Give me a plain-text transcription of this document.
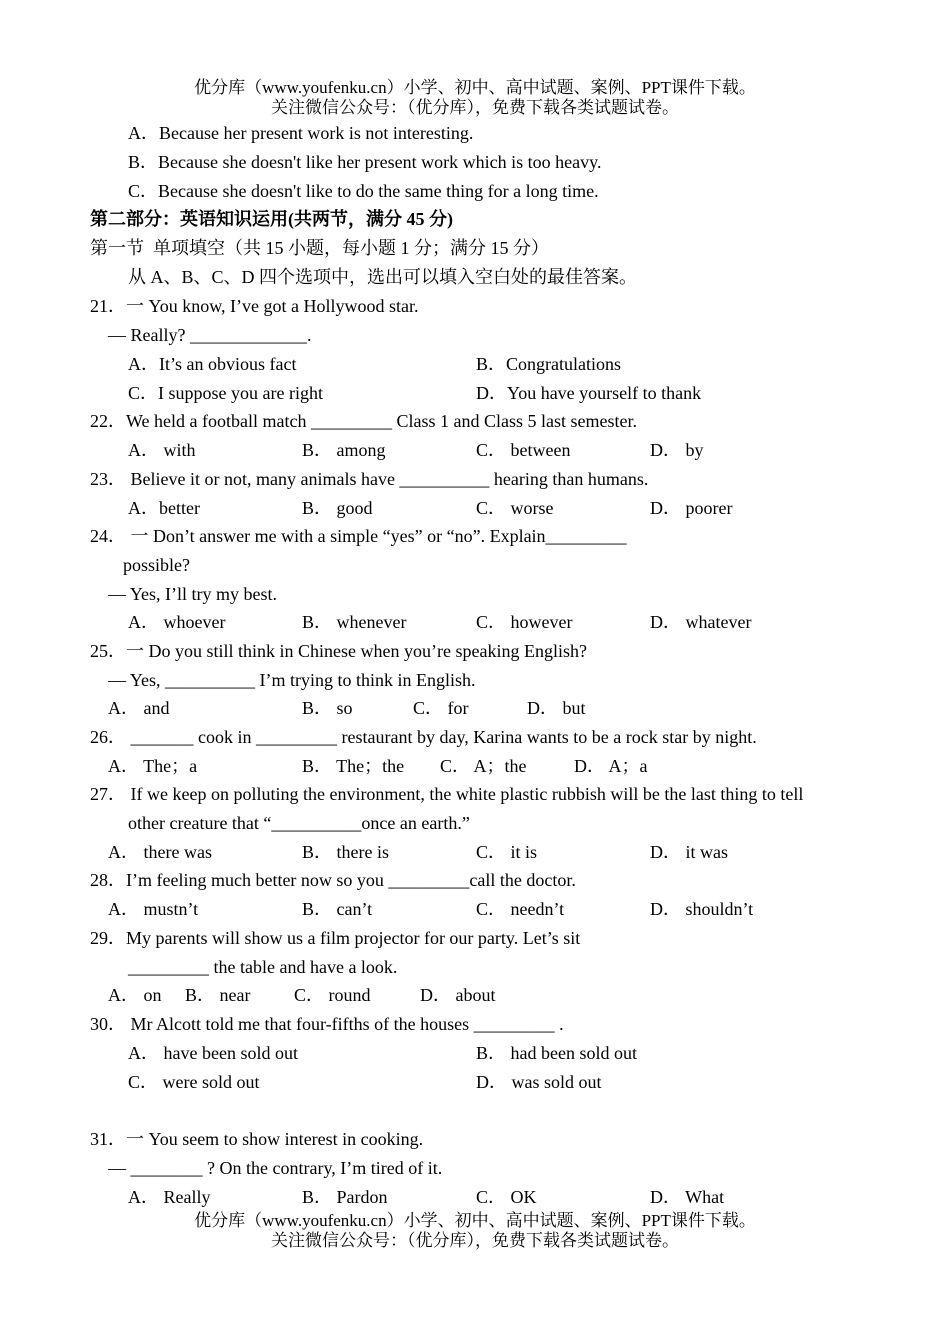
优分库（www.youfenku.cn）小学、初中、高中试题、案例、PPT课件下载。
关注微信公众号：（优分库），免费下载各类试题试卷。
A．Because her present work is not interesting.
B．Because she doesn't like her present work which is too heavy.
C．Because she doesn't like to do the same thing for a long time.
第二部分：英语知识运用(共两节，满分 45 分)
第一节  单项填空（共 15 小题，每小题 1 分；满分 15 分）
从 A、B、C、D 四个选项中，选出可以填入空白处的最佳答案。
21．一 You know, I’ve got a Hollywood star.
— Really? _____________.
A．It’s an obvious fact	B．Congratulations
C．I suppose you are right	D．You have yourself to thank
22．We held a football match _________ Class 1 and Class 5 last semester.
A． with	B． among	C． between	D． by
23． Believe it or not, many animals have __________ hearing than humans.
A．better	B． good	C． worse	D． poorer
24． 一 Don’t answer me with a simple “yes” or “no”. Explain_________
possible?
— Yes, I’ll try my best.
A． whoever	B． whenever	C． however	D． whatever
25．一 Do you still think in Chinese when you’re speaking English?
— Yes, __________ I’m trying to think in English.
A． and	B． so	C． for	D． but
26． _______ cook in _________ restaurant by day, Karina wants to be a rock star by night.
A． The；a	B． The；the C． A；the	D． A；a
27． If we keep on polluting the environment, the white plastic rubbish will be the last thing to tell
other creature that “__________once an earth.”
A． there was	B． there is	C． it is	D． it was
28．I’m feeling much better now so you _________call the doctor.
A． mustn’t	B． can’t	C． needn’t	D． shouldn’t
29．My parents will show us a film projector for our party. Let’s sit
_________ the table and have a look.
A． on B． near C． round	D． about
30． Mr Alcott told me that four-fifths of the houses _________ .
A． have been sold out	B． had been sold out
C． were sold out	D． was sold out
31．一 You seem to show interest in cooking.
— ________ ? On the contrary, I’m tired of it.
A． Really	B． Pardon	C． OK	D． What
优分库（www.youfenku.cn）小学、初中、高中试题、案例、PPT课件下载。
关注微信公众号：（优分库），免费下载各类试题试卷。
